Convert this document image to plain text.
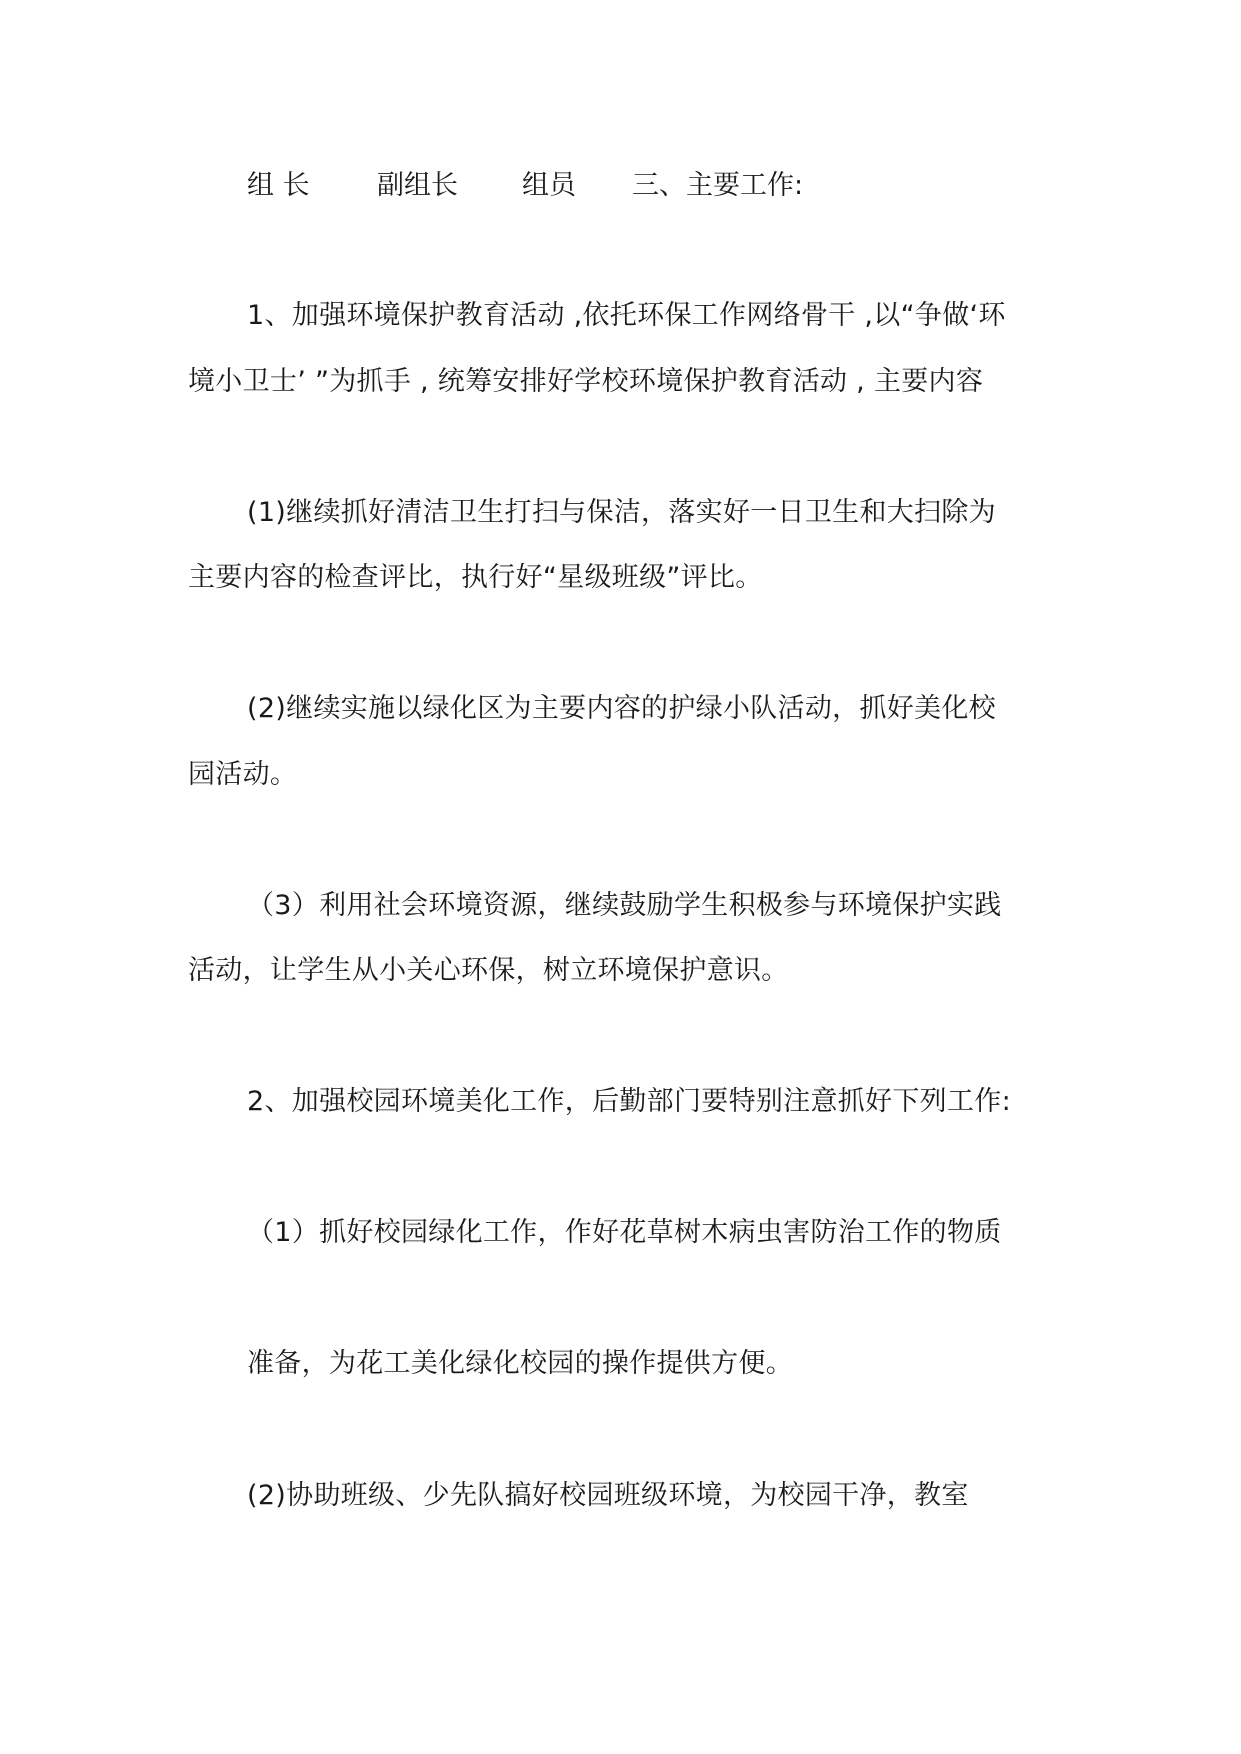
组 长 副组长 组员 三、主要工作:
1、加强环境保护教育活动 ,依托环保工作网络骨干 ,以“争做‘环
境小卫士’ ”为抓手 , 统筹安排好学校环境保护教育活动 , 主要内容
(1)继续抓好清洁卫生打扫与保洁，落实好一日卫生和大扫除为
主要内容的检查评比，执行好“星级班级”评比。
(2)继续实施以绿化区为主要内容的护绿小队活动，抓好美化校
园活动。
（3）利用社会环境资源，继续鼓励学生积极参与环境保护实践
活动，让学生从小关心环保，树立环境保护意识。
2、加强校园环境美化工作，后勤部门要特别注意抓好下列工作:
（1）抓好校园绿化工作，作好花草树木病虫害防治工作的物质
准备，为花工美化绿化校园的操作提供方便。
(2)协助班级、少先队搞好校园班级环境，为校园干净，教室
